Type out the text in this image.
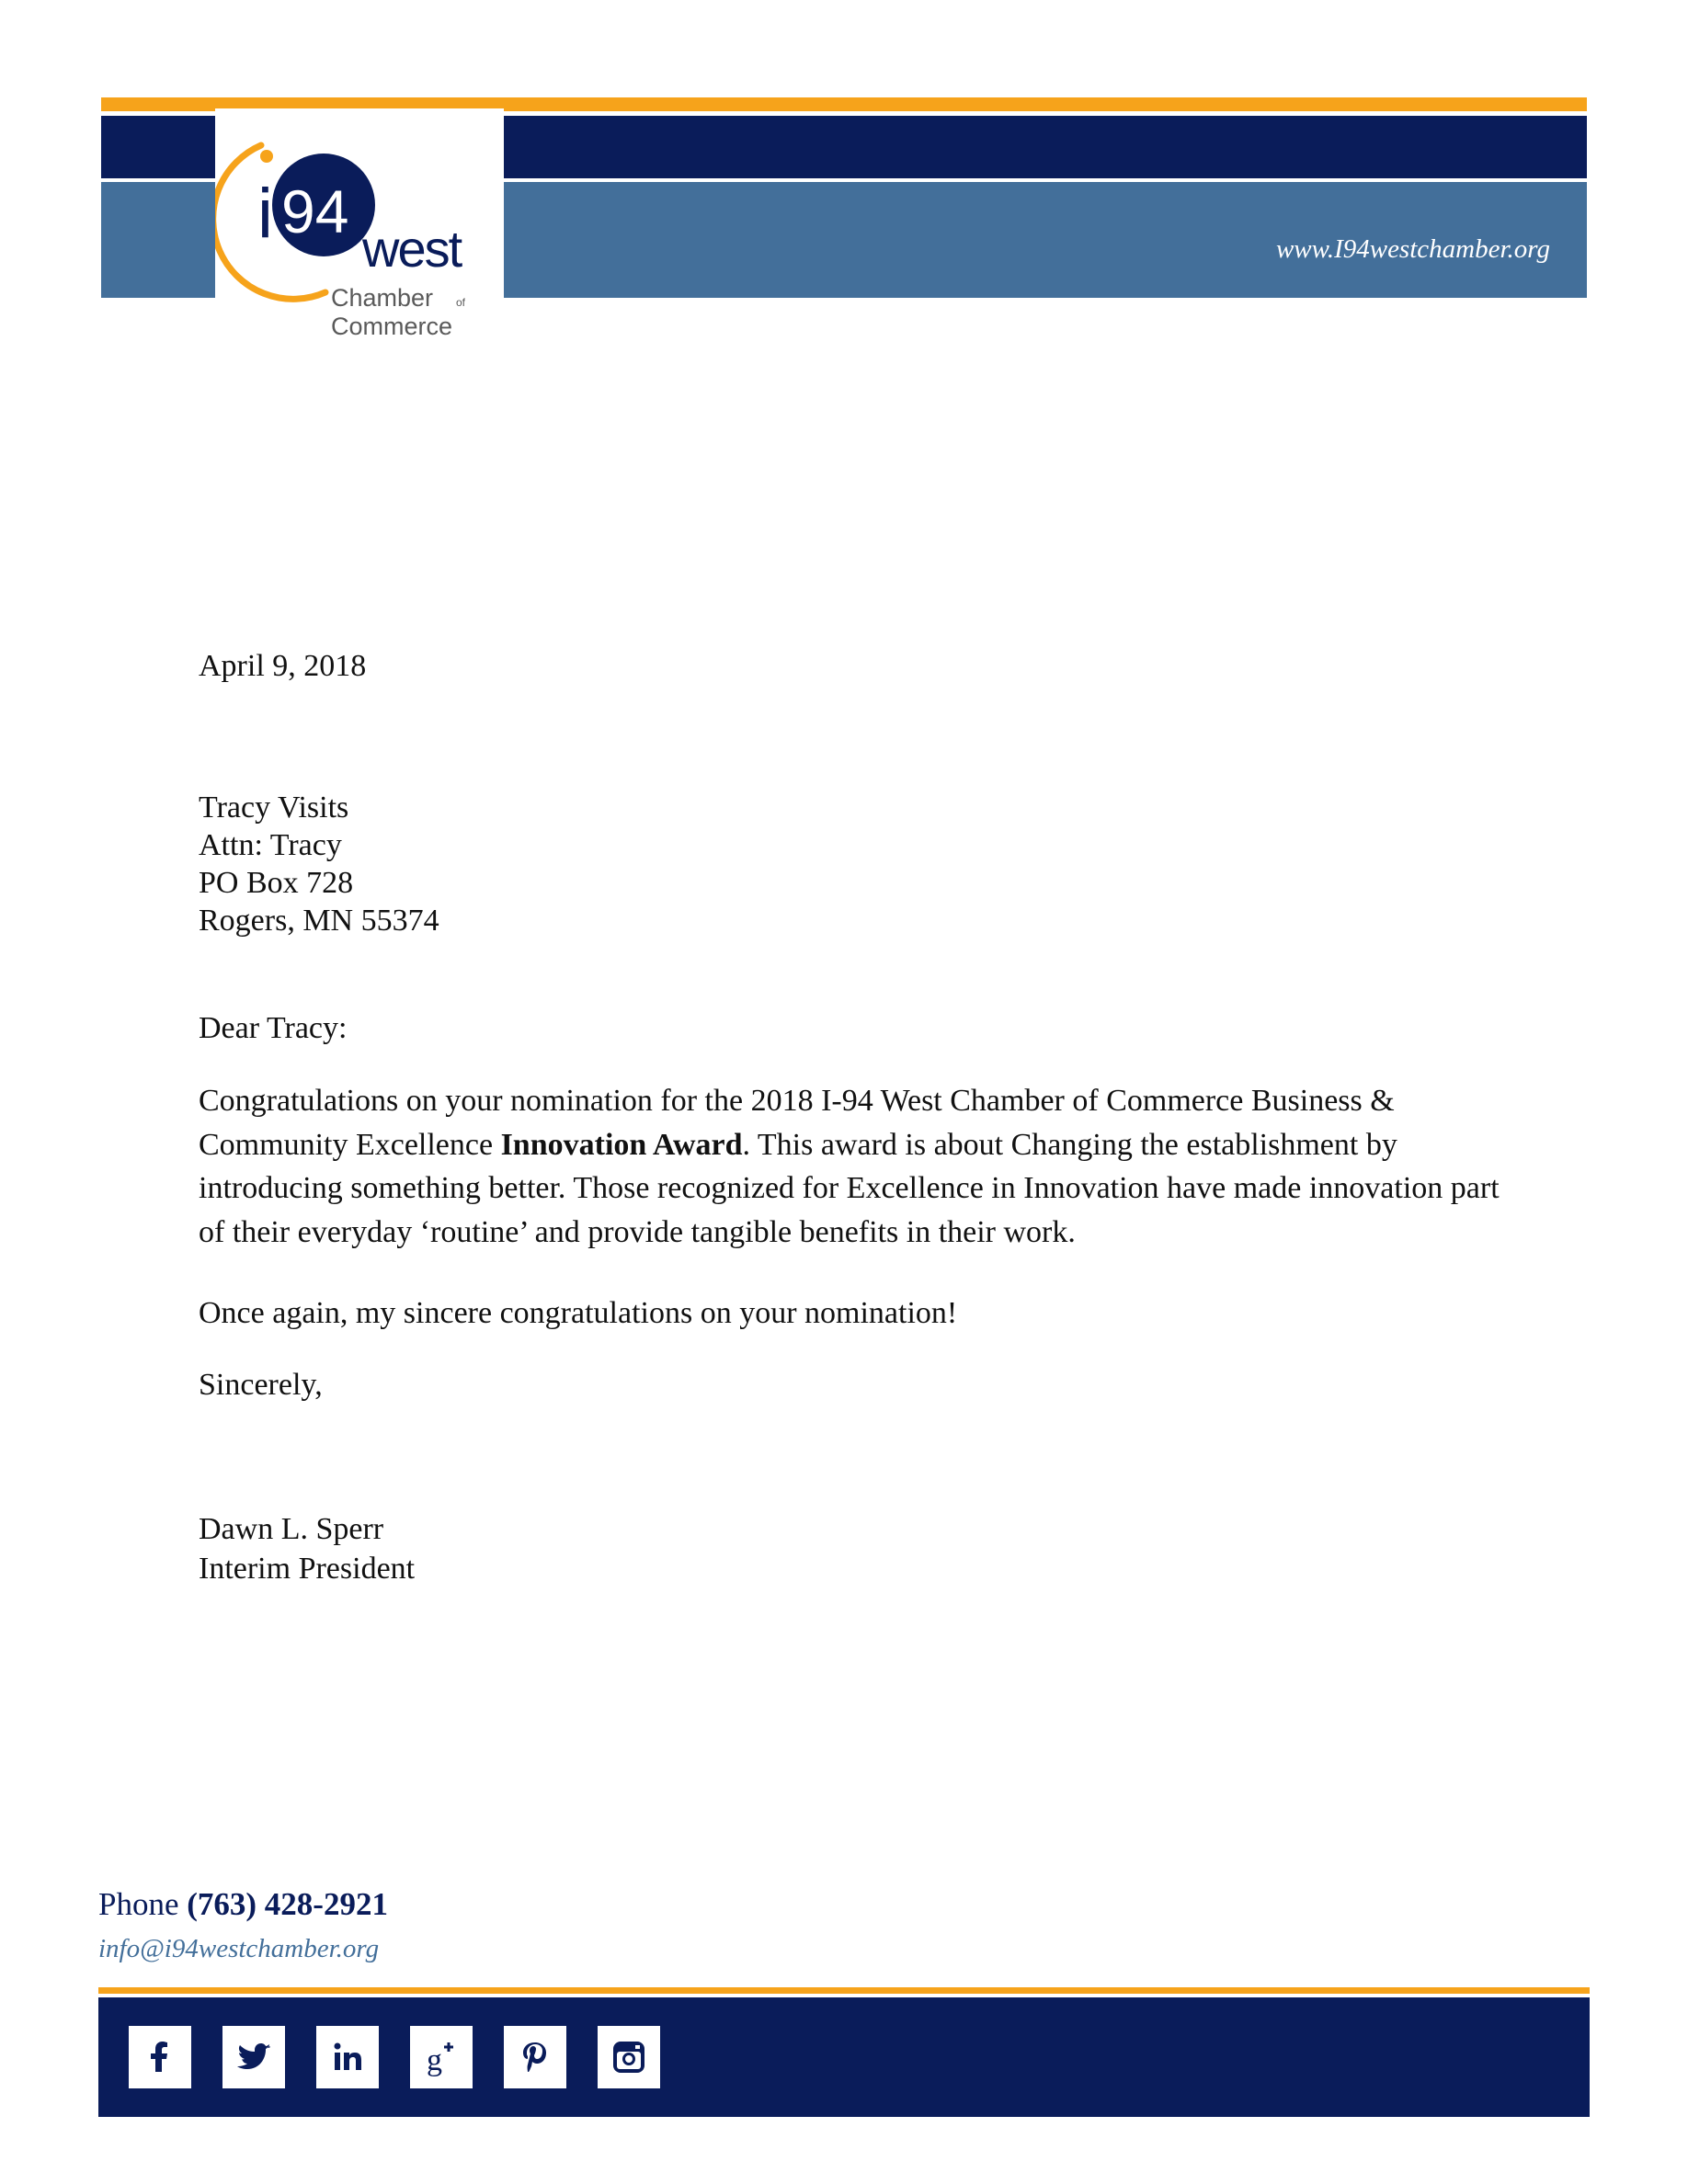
i 94
west
Chamber of
Commerce
www.I94westchamber.org
April 9, 2018
Tracy Visits
Attn: Tracy
PO Box 728
Rogers, MN 55374
Dear Tracy:
Congratulations on your nomination for the 2018 I-94 West Chamber of Commerce Business & Community Excellence Innovation Award. This award is about Changing the establishment by introducing something better. Those recognized for Excellence in Innovation have made innovation part of their everyday ‘routine’ and provide tangible benefits in their work.
Once again, my sincere congratulations on your nomination!
Sincerely,
Dawn L. Sperr
Interim President
Phone (763) 428-2921
info@i94westchamber.org
g
